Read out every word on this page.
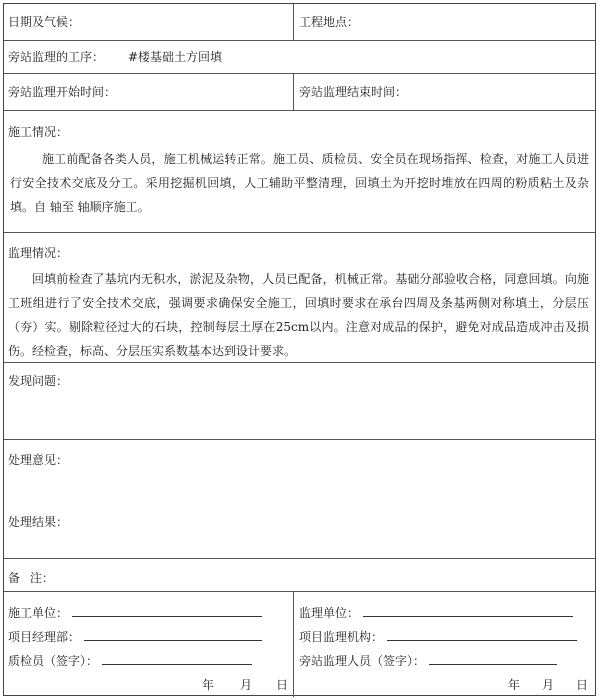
日期及气候：	工程地点：
旁站监理的工序： #楼基础土方回填
旁站监理开始时间：	旁站监理结束时间：
施工情况：
施工前配备各类人员，施工机械运转正常。施工员、质检员、安全员在现场指挥、检查，对施工人员进行安全技术交底及分工。采用挖掘机回填，人工辅助平整清理，回填土为开挖时堆放在四周的粉质粘土及杂填。自 轴至 轴顺序施工。
监理情况：
回填前检查了基坑内无积水，淤泥及杂物，人员已配备，机械正常。基础分部验收合格，同意回填。向施工班组进行了安全技术交底，强调要求确保安全施工，回填时要求在承台四周及条基两侧对称填土，分层压（夯）实。剔除粒径过大的石块，控制每层土厚在25cm以内。注意对成品的保护，避免对成品造成冲击及损伤。经检查，标高、分层压实系数基本达到设计要求。
发现问题：
处理意见：
处理结果：
备 注：
施工单位：
项目经理部：
质检员（签字）：
年 月 日
监理单位：
项目监理机构：
旁站监理人员（签字）：
年 月 日
